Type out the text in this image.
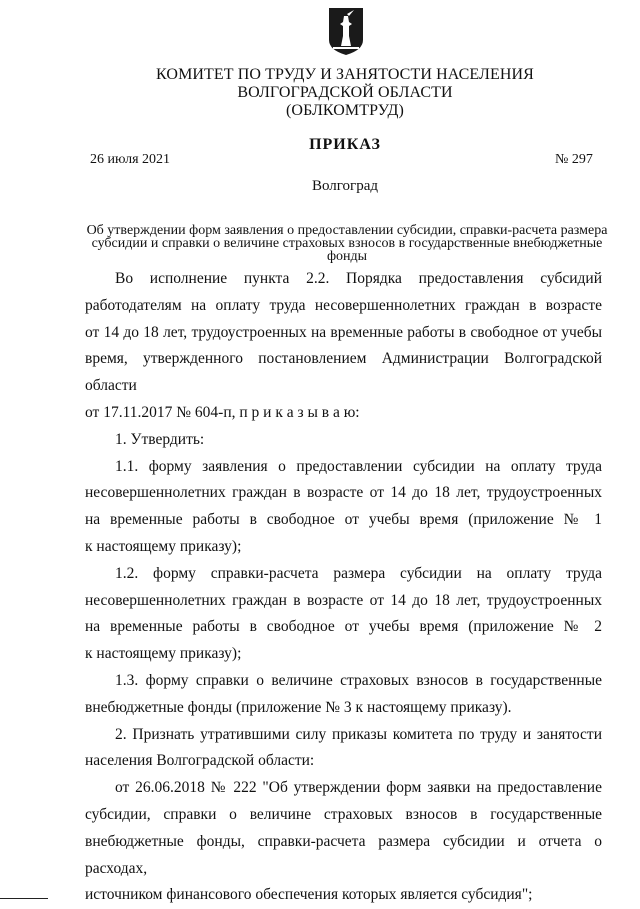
КОМИТЕТ ПО ТРУДУ И ЗАНЯТОСТИ НАСЕЛЕНИЯ
ВОЛГОГРАДСКОЙ ОБЛАСТИ
(ОБЛКОМТРУД)
ПРИКАЗ
26 июля 2021	№ 297
Волгоград
Об утверждении форм заявления о предоставлении субсидии, справки-расчета размера субсидии и справки о величине страховых взносов в государственные внебюджетные фонды

Во исполнение пункта 2.2. Порядка предоставления субсидий

работодателям на оплату труда несовершеннолетних граждан в возрасте

от 14 до 18 лет, трудоустроенных на временные работы в свободное от учебы

время, утвержденного постановлением Администрации Волгоградской области

от 17.11.2017 № 604-п, п р и к а з ы в а ю:

1. Утвердить:

1.1. форму заявления о предоставлении субсидии на оплату труда

несовершеннолетних граждан в возрасте от 14 до 18 лет, трудоустроенных

на временные работы в свободное от учебы время (приложение № 1

к настоящему приказу);

1.2. форму справки-расчета размера субсидии на оплату труда

несовершеннолетних граждан в возрасте от 14 до 18 лет, трудоустроенных

на временные работы в свободное от учебы время (приложение № 2

к настоящему приказу);

1.3. форму справки о величине страховых взносов в государственные

внебюджетные фонды (приложение № 3 к настоящему приказу).

2. Признать утратившими силу приказы комитета по труду и занятости

населения Волгоградской области:

от 26.06.2018 № 222 "Об утверждении форм заявки на предоставление

субсидии, справки о величине страховых взносов в государственные

внебюджетные фонды, справки-расчета размера субсидии и отчета о расходах,

источником финансового обеспечения которых является субсидия";
